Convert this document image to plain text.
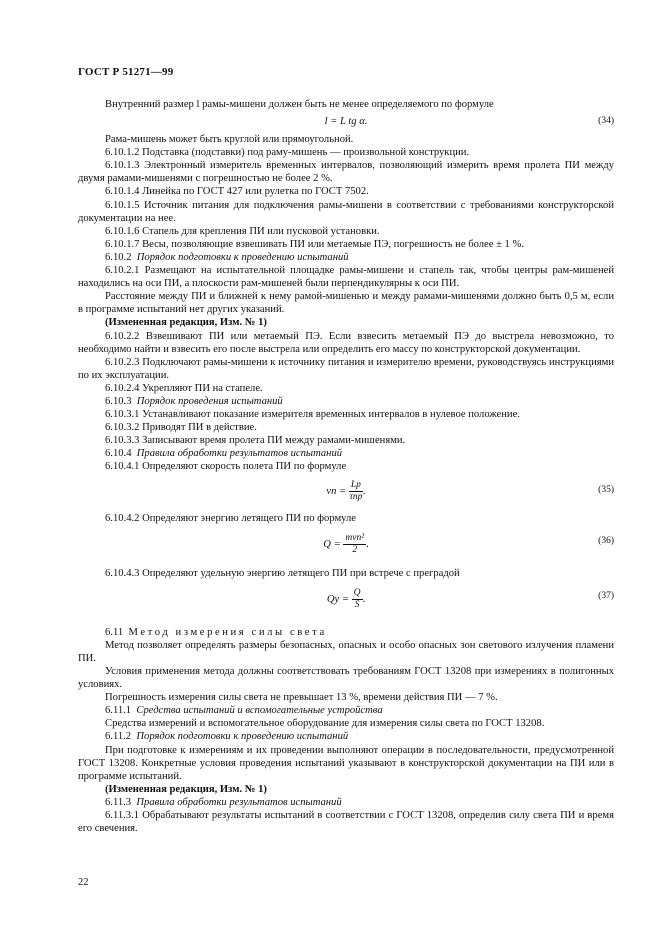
ГОСТ Р 51271—99

Внутренний размер l рамы-мишени должен быть не менее определяемого по формуле

l = L tg α.	(34)

Рама-мишень может быть круглой или прямоугольной.

6.10.1.2 Подставка (подставки) под раму-мишень — произвольной конструкции.

6.10.1.3 Электронный измеритель временных интервалов, позволяющий измерить время пролета ПИ между двумя рамами-мишенями с погрешностью не более 2 %.

6.10.1.4 Линейка по ГОСТ 427 или рулетка по ГОСТ 7502.

6.10.1.5 Источник питания для подключения рамы-мишени в соответствии с требованиями конструкторской документации на нее.

6.10.1.6 Стапель для крепления ПИ или пусковой установки.

6.10.1.7 Весы, позволяющие взвешивать ПИ или метаемые ПЭ, погрешность не более ± 1 %.

6.10.2 Порядок подготовки к проведению испытаний

6.10.2.1 Размещают на испытательной площадке рамы-мишени и стапель так, чтобы центры рам-мишеней находились на оси ПИ, а плоскости рам-мишеней были перпендикулярны к оси ПИ.

Расстояние между ПИ и ближней к нему рамой-мишенью и между рамами-мишенями должно быть 0,5 м, если в программе испытаний нет других указаний.

(Измененная редакция, Изм. № 1)

6.10.2.2 Взвешивают ПИ или метаемый ПЭ. Если взвесить метаемый ПЭ до выстрела невозможно, то необходимо найти и взвесить его после выстрела или определить его массу по конструкторской документации.

6.10.2.3 Подключают рамы-мишени к источнику питания и измерителю времени, руководствуясь инструкциями по их эксплуатации.

6.10.2.4 Укрепляют ПИ на стапеле.

6.10.3 Порядок проведения испытаний

6.10.3.1 Устанавливают показание измерителя временных интервалов в нулевое положение.

6.10.3.2 Приводят ПИ в действие.

6.10.3.3 Записывают время пролета ПИ между рамами-мишенями.

6.10.4 Правила обработки результатов испытаний

6.10.4.1 Определяют скорость полета ПИ по формуле

vп = $\frac{Lр}{\text{τпр}}$ .	(35)

6.10.4.2 Определяют энергию летящего ПИ по формуле

$Q = \frac{\text{mvп²}}{2}$ .	(36)

6.10.4.3 Определяют удельную энергию летящего ПИ при встрече с преградой

Qу = $\frac{Q}{S}$ .	(37)

6.11 Метод измерения силы света

Метод позволяет определять размеры безопасных, опасных и особо опасных зон светового излучения пламени ПИ.

Условия применения метода должны соответствовать требованиям ГОСТ 13208 при измерениях в полигонных условиях.

Погрешность измерения силы света не превышает 13 %, времени действия ПИ — 7 %.

6.11.1 Средства испытаний и вспомогательные устройства

Средства измерений и вспомогательное оборудование для измерения силы света по ГОСТ 13208.

6.11.2 Порядок подготовки к проведению испытаний

При подготовке к измерениям и их проведении выполняют операции в последовательности, предусмотренной ГОСТ 13208. Конкретные условия проведения испытаний указывают в конструкторской документации на ПИ или в программе испытаний.

(Измененная редакция, Изм. № 1)

6.11.3 Правила обработки результатов испытаний

6.11.3.1 Обрабатывают результаты испытаний в соответствии с ГОСТ 13208, определив силу света ПИ и время его свечения.

22
